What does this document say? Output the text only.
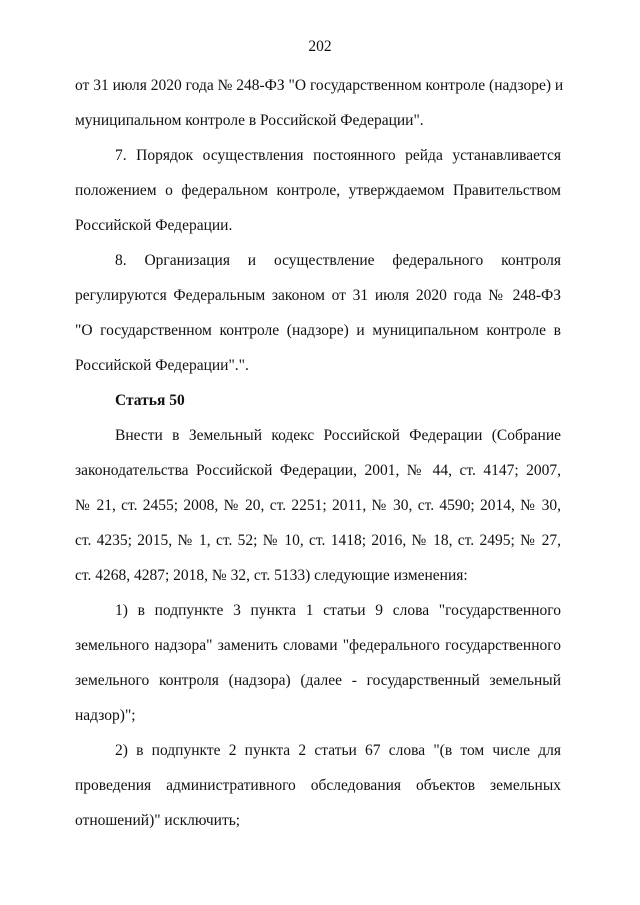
202
от 31 июля 2020 года № 248-ФЗ "О государственном контроле (надзоре) и
муниципальном контроле в Российской Федерации".
7. Порядок осуществления постоянного рейда устанавливается
положением о федеральном контроле, утверждаемом Правительством
Российской Федерации.
8. Организация и осуществление федерального контроля
регулируются Федеральным законом от 31 июля 2020 года № 248-ФЗ
"О государственном контроле (надзоре) и муниципальном контроле в
Российской Федерации".".
Статья 50
Внести в Земельный кодекс Российской Федерации (Собрание
законодательства Российской Федерации, 2001, № 44, ст. 4147; 2007,
№ 21, ст. 2455; 2008, № 20, ст. 2251; 2011, № 30, ст. 4590; 2014, № 30,
ст. 4235; 2015, № 1, ст. 52; № 10, ст. 1418; 2016, № 18, ст. 2495; № 27,
ст. 4268, 4287; 2018, № 32, ст. 5133) следующие изменения:
1) в подпункте 3 пункта 1 статьи 9 слова "государственного
земельного надзора" заменить словами "федерального государственного
земельного контроля (надзора) (далее - государственный земельный
надзор)";
2) в подпункте 2 пункта 2 статьи 67 слова "(в том числе для
проведения административного обследования объектов земельных
отношений)" исключить;
